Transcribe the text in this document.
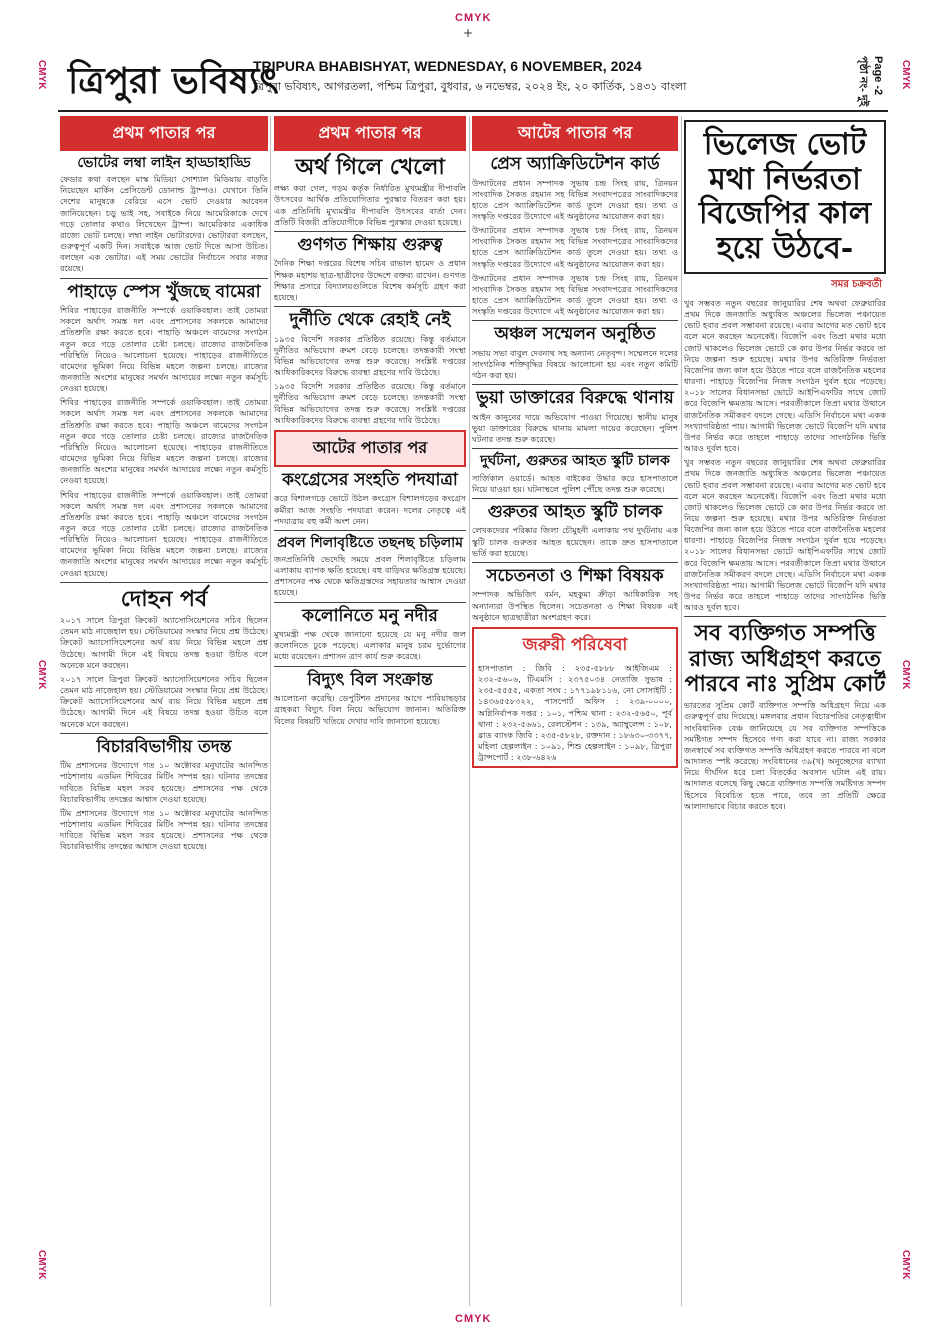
CMYK
+
CMYK
CMYK
CMYK
CMYK
CMYK
CMYK
CMYK
ত্রিপুরা ভবিষ্যৎ
TRIPURA BHABISHYAT, WEDNESDAY, 6 NOVEMBER, 2024
ত্রিপুরা ভবিষ্যৎ, আগরতলা, পশ্চিম ত্রিপুরা, বুধবার, ৬ নভেম্বর, ২০২৪ ইং, ২০ কার্তিক, ১৪৩১ বাংলা	Page -2 পৃষ্ঠা নং- দুই
প্রথম পাতার পর
ভোটের লম্বা লাইন হাড্ডাহাড্ডি
ফেডার কথা বলছেন মাস্ক মিডিয়া সোশ্যাল মিডিয়ায় বাড়তি নিয়েছেন মার্কিন প্রেসিডেন্ট ডোনাল্ড ট্রাম্পও। যেখানে তিনি দেশের মানুষকে বেরিয়ে এসে ভোট দেওয়ার আবেদন জানিয়েছেন। চড়ু ভাই সহ, সবাইকে নিয়ে আমেরিকাকে দেখে গড়ে তোলার কথাও লিখেছেন ট্রাম্প। আমেরিকার একাধিক রাজ্যে ভোট চলছে। লম্বা লাইন ভোটারদের। ভোটাররা বলছেন, গুরুত্বপূর্ণ একটি দিন। সবাইকে আজ ভোট দিতে আসা উচিত। বলছেন এক ভোটার। এই সময় ভোটের নির্বাচনে সবার নজর রয়েছে।
পাহাড়ে স্পেস খুঁজছে বামেরা
শিবির পাহাড়ের রাজনীতি সম্পর্কে ওয়াকিবহাল। তাই তোমরা সকলে অর্থাৎ সমস্ত দল এবং প্রশাসনের সকলকে আমাদের প্রতিশ্রুতি রক্ষা করতে হবে। পাহাড়ি অঞ্চলে বামেদের সংগঠন নতুন করে গড়ে তোলার চেষ্টা চলছে। রাজ্যের রাজনৈতিক পরিস্থিতি নিয়েও আলোচনা হয়েছে। পাহাড়ের রাজনীতিতে বামেদের ভূমিকা নিয়ে বিভিন্ন মহলে জল্পনা চলছে। রাজ্যের জনজাতি অংশের মানুষের সমর্থন আদায়ের লক্ষ্যে নতুন কর্মসূচি নেওয়া হয়েছে।
শিবির পাহাড়ের রাজনীতি সম্পর্কে ওয়াকিবহাল। তাই তোমরা সকলে অর্থাৎ সমস্ত দল এবং প্রশাসনের সকলকে আমাদের প্রতিশ্রুতি রক্ষা করতে হবে। পাহাড়ি অঞ্চলে বামেদের সংগঠন নতুন করে গড়ে তোলার চেষ্টা চলছে। রাজ্যের রাজনৈতিক পরিস্থিতি নিয়েও আলোচনা হয়েছে। পাহাড়ের রাজনীতিতে বামেদের ভূমিকা নিয়ে বিভিন্ন মহলে জল্পনা চলছে। রাজ্যের জনজাতি অংশের মানুষের সমর্থন আদায়ের লক্ষ্যে নতুন কর্মসূচি নেওয়া হয়েছে।
শিবির পাহাড়ের রাজনীতি সম্পর্কে ওয়াকিবহাল। তাই তোমরা সকলে অর্থাৎ সমস্ত দল এবং প্রশাসনের সকলকে আমাদের প্রতিশ্রুতি রক্ষা করতে হবে। পাহাড়ি অঞ্চলে বামেদের সংগঠন নতুন করে গড়ে তোলার চেষ্টা চলছে। রাজ্যের রাজনৈতিক পরিস্থিতি নিয়েও আলোচনা হয়েছে। পাহাড়ের রাজনীতিতে বামেদের ভূমিকা নিয়ে বিভিন্ন মহলে জল্পনা চলছে। রাজ্যের জনজাতি অংশের মানুষের সমর্থন আদায়ের লক্ষ্যে নতুন কর্মসূচি নেওয়া হয়েছে।
দোহন পর্ব
২০১৭ সালে ত্রিপুরা ক্রিকেট অ্যাসোসিয়েশনের সচিব ছিলেন তেমন মাঠ নাজেহাল হয়। স্টেডিয়ামের সংস্কার নিয়ে প্রশ্ন উঠেছে। ক্রিকেট অ্যাসোসিয়েশনের অর্থ ব্যয় নিয়ে বিভিন্ন মহলে প্রশ্ন উঠেছে। আগামী দিনে এই বিষয়ে তদন্ত হওয়া উচিত বলে অনেকে মনে করছেন।
২০১৭ সালে ত্রিপুরা ক্রিকেট অ্যাসোসিয়েশনের সচিব ছিলেন তেমন মাঠ নাজেহাল হয়। স্টেডিয়ামের সংস্কার নিয়ে প্রশ্ন উঠেছে। ক্রিকেট অ্যাসোসিয়েশনের অর্থ ব্যয় নিয়ে বিভিন্ন মহলে প্রশ্ন উঠেছে। আগামী দিনে এই বিষয়ে তদন্ত হওয়া উচিত বলে অনেকে মনে করছেন।
বিচারবিভাগীয় তদন্ত
টিম প্রশাসনের উদ্যোগে গত ১০ অক্টোবর মনুঘাটের আনন্দিত পাঠশালায় এডমিন শিবিরের মিটিং সম্পন্ন হয়। ঘটনার তদন্তের দাবিতে বিভিন্ন মহল সরব হয়েছে। প্রশাসনের পক্ষ থেকে বিচারবিভাগীয় তদন্তের আশ্বাস দেওয়া হয়েছে।
টিম প্রশাসনের উদ্যোগে গত ১০ অক্টোবর মনুঘাটের আনন্দিত পাঠশালায় এডমিন শিবিরের মিটিং সম্পন্ন হয়। ঘটনার তদন্তের দাবিতে বিভিন্ন মহল সরব হয়েছে। প্রশাসনের পক্ষ থেকে বিচারবিভাগীয় তদন্তের আশ্বাস দেওয়া হয়েছে।
প্রথম পাতার পর
অর্থ গিলে খেলো
লক্ষ্য করা গেল, গড়ম কর্তৃক নির্ধারিত মুখ্যমন্ত্রীর দীপাবলি উৎসবের আর্থিক প্রতিযোগিতার পুরস্কার বিতরণ করা হয়। এক প্রতিনিধি মুখ্যমন্ত্রীর দীপাবলি উৎসবের বার্তা দেন। প্রতিটি বিজয়ী প্রতিযোগীকে বিভিন্ন পুরস্কার দেওয়া হয়েছে।
গুণগত শিক্ষায় গুরুত্ব
দৈনিক শিক্ষা দপ্তরের বিশেষ সচিব রাভাল হামেদ ও প্রধান শিক্ষক মহাশয় ছাত্র-ছাত্রীদের উদ্দেশে বক্তব্য রাখেন। গুণগত শিক্ষার প্রসারে বিদ্যালয়গুলিতে বিশেষ কর্মসূচি গ্রহণ করা হয়েছে।
দুর্নীতি থেকে রেহাই নেই
১৯৩৫ বিদেশি সরকার প্রতিষ্ঠিত রয়েছে। কিন্তু বর্তমানে দুর্নীতির অভিযোগ ক্রমশ বেড়ে চলেছে। তদন্তকারী সংস্থা বিভিন্ন অভিযোগের তদন্ত শুরু করেছে। সংশ্লিষ্ট দপ্তরের আধিকারিকদের বিরুদ্ধে ব্যবস্থা গ্রহণের দাবি উঠেছে।
১৯৩৫ বিদেশি সরকার প্রতিষ্ঠিত রয়েছে। কিন্তু বর্তমানে দুর্নীতির অভিযোগ ক্রমশ বেড়ে চলেছে। তদন্তকারী সংস্থা বিভিন্ন অভিযোগের তদন্ত শুরু করেছে। সংশ্লিষ্ট দপ্তরের আধিকারিকদের বিরুদ্ধে ব্যবস্থা গ্রহণের দাবি উঠেছে।
আটের পাতার পর
কংগ্রেসের সংহতি পদযাত্রা
করে বিশালগড়ে ভোটে উঠল কংগ্রেস বিশালগড়ের কংগ্রেস কর্মীরা আজ সংহতি পদযাত্রা করেন। দলের নেতৃত্বে এই পদযাত্রায় বহু কর্মী অংশ নেন।
প্রবল শিলাবৃষ্টিতে তছনছ চড়িলাম
জনপ্রতিনিধি ভেদেছি সময়ে প্রবল শিলাবৃষ্টিতে চড়িলাম এলাকায় ব্যাপক ক্ষতি হয়েছে। বহু বাড়িঘর ক্ষতিগ্রস্ত হয়েছে। প্রশাসনের পক্ষ থেকে ক্ষতিগ্রস্তদের সহায়তার আশ্বাস দেওয়া হয়েছে।
কলোনিতে মনু নদীর
মুখ্যমন্ত্রী পক্ষ থেকে জানানো হয়েছে যে মনু নদীর জল কলোনিতে ঢুকে পড়েছে। এলাকার মানুষ চরম দুর্ভোগের মধ্যে রয়েছেন। প্রশাসন ত্রাণ কার্য শুরু করেছে।
বিদ্যুৎ বিল সংক্রান্ত
আলোচনা করেছি। ডেপুটিশন প্রদানের আগে পাবিয়াছড়ার গ্রাহকরা বিদ্যুৎ বিল নিয়ে অভিযোগ জানান। অতিরিক্ত বিলের বিষয়টি খতিয়ে দেখার দাবি জানানো হয়েছে।
আটের পাতার পর
প্রেস অ্যাক্রিডিটেশন কার্ড
উদ্ঘাটনের প্রধান সম্পাদক সুভাষ চন্দ্র সিংহ রায়, ত্রিনয়ন সাংবাদিক সৈকত রহমান সহ বিভিন্ন সংবাদপত্রের সাংবাদিকদের হাতে প্রেস অ্যাক্রিডিটেশন কার্ড তুলে দেওয়া হয়। তথ্য ও সংস্কৃতি দপ্তরের উদ্যোগে এই অনুষ্ঠানের আয়োজন করা হয়।
উদ্ঘাটনের প্রধান সম্পাদক সুভাষ চন্দ্র সিংহ রায়, ত্রিনয়ন সাংবাদিক সৈকত রহমান সহ বিভিন্ন সংবাদপত্রের সাংবাদিকদের হাতে প্রেস অ্যাক্রিডিটেশন কার্ড তুলে দেওয়া হয়। তথ্য ও সংস্কৃতি দপ্তরের উদ্যোগে এই অনুষ্ঠানের আয়োজন করা হয়।
উদ্ঘাটনের প্রধান সম্পাদক সুভাষ চন্দ্র সিংহ রায়, ত্রিনয়ন সাংবাদিক সৈকত রহমান সহ বিভিন্ন সংবাদপত্রের সাংবাদিকদের হাতে প্রেস অ্যাক্রিডিটেশন কার্ড তুলে দেওয়া হয়। তথ্য ও সংস্কৃতি দপ্তরের উদ্যোগে এই অনুষ্ঠানের আয়োজন করা হয়।
অঞ্চল সম্মেলন অনুষ্ঠিত
সভায় সভা বাবুল দেবনাথ সহ অন্যান্য নেতৃবৃন্দ। সম্মেলনে দলের সাংগঠনিক শক্তিবৃদ্ধির বিষয়ে আলোচনা হয় এবং নতুন কমিটি গঠন করা হয়।
ভুয়া ডাক্তারের বিরুদ্ধে থানায়
আইন কানুনের দায়ে অভিযোগ পাওয়া গিয়েছে। স্থানীয় মানুষ ভুয়া ডাক্তারের বিরুদ্ধে থানায় মামলা দায়ের করেছেন। পুলিশ ঘটনার তদন্ত শুরু করেছে।
দুর্ঘটনা, গুরুতর আহত স্কুটি চালক
সার্জিকাল ওয়ার্ডে। আহত বাইকের উদ্ধার করে হাসপাতালে নিয়ে যাওয়া হয়। ঘটনাস্থলে পুলিশ পৌঁছে তদন্ত শুরু করেছে।
গুরুতর আহত স্কুটি চালক
লেখকদেরর পরিষ্কার জিলা চৌমুহনী এলাকায় পথ দুর্ঘটনায় এক স্কুটি চালক গুরুতর আহত হয়েছেন। তাকে দ্রুত হাসপাতালে ভর্তি করা হয়েছে।
সচেতনতা ও শিক্ষা বিষয়ক
সম্পাদক অভিজিৎ বর্মন, মহকুমা ক্রীড়া আধিকারিক সহ অন্যান্যরা উপস্থিত ছিলেন। সচেতনতা ও শিক্ষা বিষয়ক এই অনুষ্ঠানে ছাত্রছাত্রীরা অংশগ্রহণ করে।
জরুরী পরিষেবা
হাসপাতাল : জিবি : ২৩৫-৫৮৮৮ আইজিএম : ২৩২-৫৬০৬, টিএমসি : ২৩৭৫০৩৪ নেতাজি সুভাষ : ২৩৫-৫৫৫৫, একতা সংঘ : ১৭৭১৯৮১১৬, নো সোসাইটি : ১৪৩৬৫৫৮৩২২, পাসপোর্ট অফিস : ২৩৯-০০০০, অগ্নিনির্বাপক দপ্তর : ১০১, পশ্চিম থানা : ২৩২-৫৬৫০, পূর্ব থানা : ২৩২-৫৬৬১, রেলস্টেশন : ১৩৯, অ্যাম্বুলেন্স : ১০৮, ব্লাড ব্যাংক জিবি : ২৩৫-৫৮২৮, রক্তদান : ১৮৬৩০-৩৩৭৭, মহিলা হেল্পলাইন : ১০৯১, শিশু হেল্পলাইন : ১০৯৮, ত্রিপুরা ট্রান্সপোর্ট : ২৩৮-৬৪২৬
ভিলেজ ভোট মথা নির্ভরতা বিজেপির কাল হয়ে উঠবে-
সমর চক্রবর্তী
খুব সম্ভবত নতুন বছরের জানুয়ারির শেষ অথবা ফেব্রুয়ারির প্রথম দিকে জনজাতি অধ্যুষিত অঞ্চলের ভিলেজ পঞ্চায়েত ভোট হবার প্রবল সম্ভাবনা রয়েছে। এবার আগের মত ভোট হবে বলে মনে করছেন অনেকেই। বিজেপি এবং তিপ্রা মথার মধ্যে জোট থাকলেও ভিলেজ ভোটে কে কার উপর নির্ভর করবে তা নিয়ে জল্পনা শুরু হয়েছে। মথার উপর অতিরিক্ত নির্ভরতা বিজেপির জন্য কাল হয়ে উঠতে পারে বলে রাজনৈতিক মহলের ধারণা। পাহাড়ে বিজেপির নিজস্ব সংগঠন দুর্বল হয়ে পড়েছে। ২০১৮ সালের বিধানসভা ভোটে আইপিএফটির সাথে জোট করে বিজেপি ক্ষমতায় আসে। পরবর্তীকালে তিপ্রা মথার উত্থানে রাজনৈতিক সমীকরণ বদলে গেছে। এডিসি নির্বাচনে মথা একক সংখ্যাগরিষ্ঠতা পায়। আগামী ভিলেজ ভোটে বিজেপি যদি মথার উপর নির্ভর করে তাহলে পাহাড়ে তাদের সাংগঠনিক ভিত্তি আরও দুর্বল হবে।
খুব সম্ভবত নতুন বছরের জানুয়ারির শেষ অথবা ফেব্রুয়ারির প্রথম দিকে জনজাতি অধ্যুষিত অঞ্চলের ভিলেজ পঞ্চায়েত ভোট হবার প্রবল সম্ভাবনা রয়েছে। এবার আগের মত ভোট হবে বলে মনে করছেন অনেকেই। বিজেপি এবং তিপ্রা মথার মধ্যে জোট থাকলেও ভিলেজ ভোটে কে কার উপর নির্ভর করবে তা নিয়ে জল্পনা শুরু হয়েছে। মথার উপর অতিরিক্ত নির্ভরতা বিজেপির জন্য কাল হয়ে উঠতে পারে বলে রাজনৈতিক মহলের ধারণা। পাহাড়ে বিজেপির নিজস্ব সংগঠন দুর্বল হয়ে পড়েছে। ২০১৮ সালের বিধানসভা ভোটে আইপিএফটির সাথে জোট করে বিজেপি ক্ষমতায় আসে। পরবর্তীকালে তিপ্রা মথার উত্থানে রাজনৈতিক সমীকরণ বদলে গেছে। এডিসি নির্বাচনে মথা একক সংখ্যাগরিষ্ঠতা পায়। আগামী ভিলেজ ভোটে বিজেপি যদি মথার উপর নির্ভর করে তাহলে পাহাড়ে তাদের সাংগঠনিক ভিত্তি আরও দুর্বল হবে।
সব ব্যক্তিগত সম্পত্তি রাজ্য অধিগ্রহণ করতে পারবে নাঃ সুপ্রিম কোর্ট
ভারতের সুপ্রিম কোর্ট ব্যক্তিগত সম্পত্তি অধিগ্রহণ নিয়ে এক গুরুত্বপূর্ণ রায় দিয়েছে। মঙ্গলবার প্রধান বিচারপতির নেতৃত্বাধীন সাংবিধানিক বেঞ্চ জানিয়েছে যে সব ব্যক্তিগত সম্পত্তিকে সমষ্টিগত সম্পদ হিসেবে গণ্য করা যাবে না। রাজ্য সরকার জনস্বার্থে সব ব্যক্তিগত সম্পত্তি অধিগ্রহণ করতে পারবে না বলে আদালত স্পষ্ট করেছে। সংবিধানের ৩৯(খ) অনুচ্ছেদের ব্যাখ্যা নিয়ে দীর্ঘদিন ধরে চলা বিতর্কের অবসান ঘটাল এই রায়। আদালত বলেছে কিছু ক্ষেত্রে ব্যক্তিগত সম্পত্তি সমষ্টিগত সম্পদ হিসেবে বিবেচিত হতে পারে, তবে তা প্রতিটি ক্ষেত্রে আলাদাভাবে বিচার করতে হবে।
